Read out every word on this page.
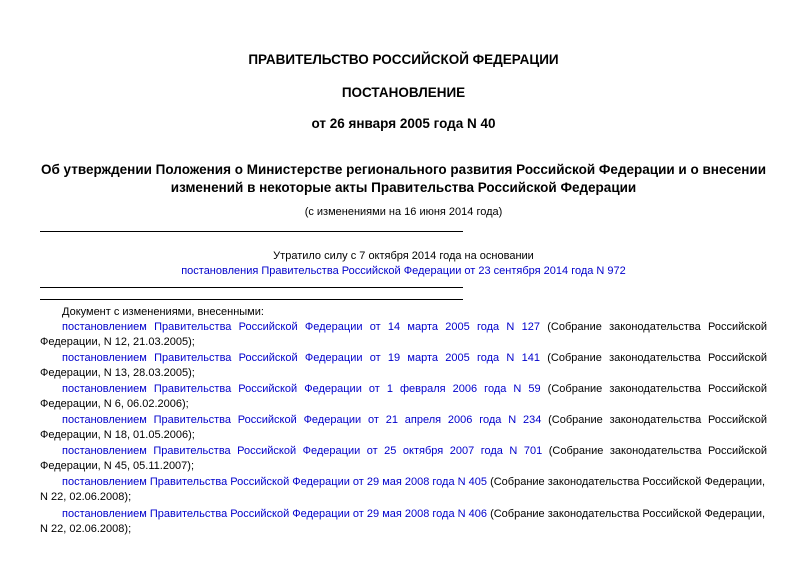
ПРАВИТЕЛЬСТВО РОССИЙСКОЙ ФЕДЕРАЦИИ
ПОСТАНОВЛЕНИЕ
от 26 января 2005 года N 40
Об утверждении Положения о Министерстве регионального развития Российской Федерации и о внесении
изменений в некоторые акты Правительства Российской Федерации
(с изменениями на 16 июня 2014 года)
Утратило силу с 7 октября 2014 года на основании
постановления Правительства Российской Федерации от 23 сентября 2014 года N 972
Документ с изменениями, внесенными:
постановлением Правительства Российской Федерации от 14 марта 2005 года N 127 (Собрание законодательства Российской Федерации, N 12, 21.03.2005);
постановлением Правительства Российской Федерации от 19 марта 2005 года N 141 (Собрание законодательства Российской Федерации, N 13, 28.03.2005);
постановлением Правительства Российской Федерации от 1 февраля 2006 года N 59 (Собрание законодательства Российской Федерации, N 6, 06.02.2006);
постановлением Правительства Российской Федерации от 21 апреля 2006 года N 234 (Собрание законодательства Российской Федерации, N 18, 01.05.2006);
постановлением Правительства Российской Федерации от 25 октября 2007 года N 701 (Собрание законодательства Российской Федерации, N 45, 05.11.2007);
постановлением Правительства Российской Федерации от 29 мая 2008 года N 405 (Собрание законодательства Российской Федерации, N 22, 02.06.2008);
постановлением Правительства Российской Федерации от 29 мая 2008 года N 406 (Собрание законодательства Российской Федерации, N 22, 02.06.2008);
